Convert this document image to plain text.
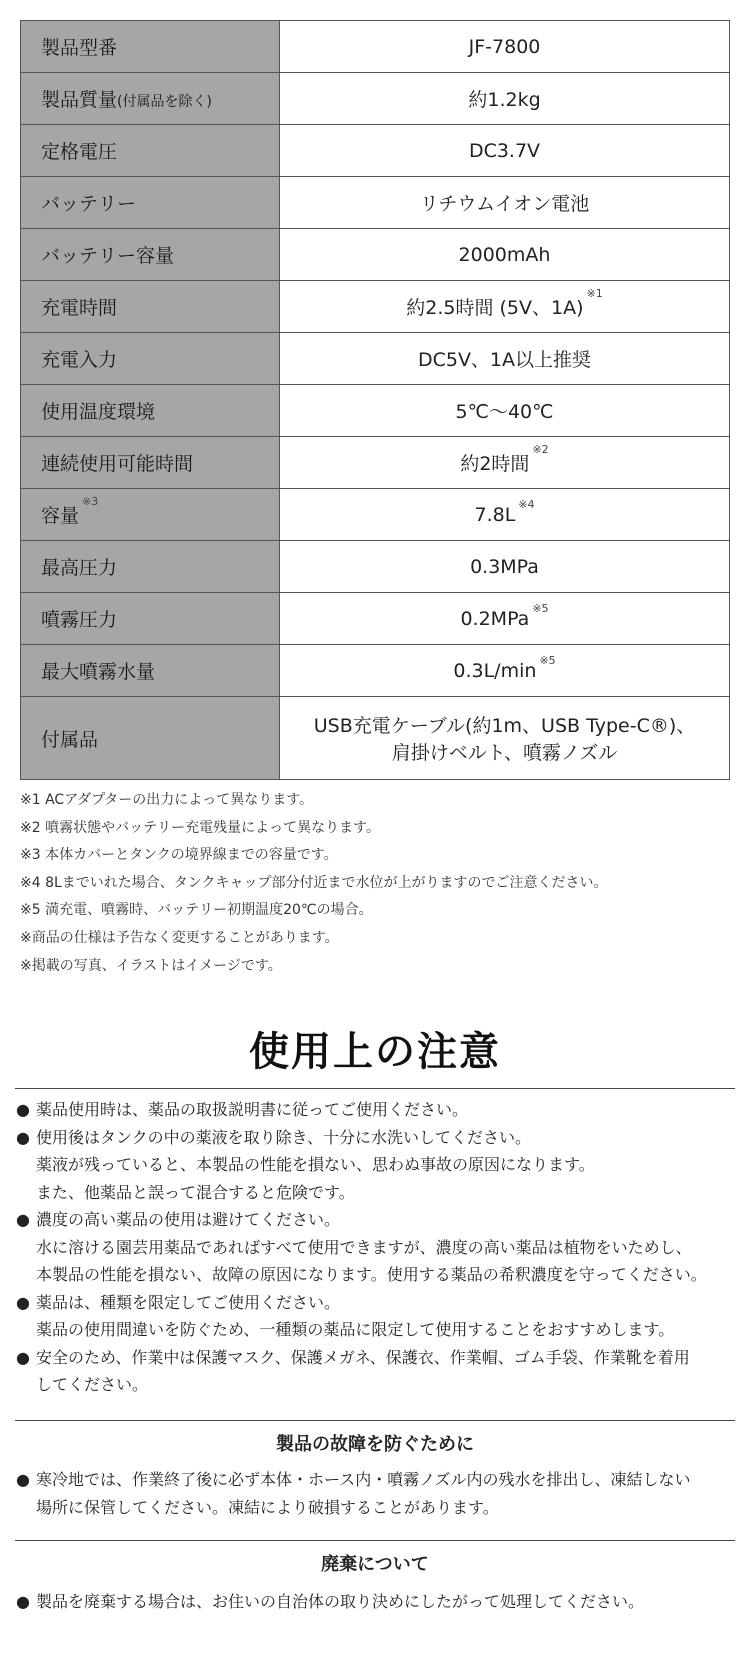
製品型番	JF-7800
製品質量(付属品を除く)	約1.2kg
定格電圧	DC3.7V
バッテリー	リチウムイオン電池
バッテリー容量	2000mAh
充電時間	約2.5時間 (5V、1A)$^{※1}$
充電入力	DC5V、1A以上推奨
使用温度環境	5℃～40℃
連続使用可能時間	約2時間$^{※2}$
容量$^{※3}$	7.8L $^{※4}$
最高圧力	0.3MPa
噴霧圧力	0.2MPa $^{※5}$
最大噴霧水量	0.3L/min $^{※5}$
付属品	USB充電ケーブル(約1m、USB Type-C®)、
肩掛けベルト、噴霧ノズル
※1 ACアダプターの出力によって異なります。
※2 噴霧状態やバッテリー充電残量によって異なります。
※3 本体カバーとタンクの境界線までの容量です。
※4 8Lまでいれた場合、タンクキャップ部分付近まで水位が上がりますのでご注意ください。
※5 満充電、噴霧時、バッテリー初期温度20℃の場合。
※商品の仕様は予告なく変更することがあります。
※掲載の写真、イラストはイメージです。
使用上の注意
● 薬品使用時は、薬品の取扱説明書に従ってご使用ください。
● 使用後はタンクの中の薬液を取り除き、十分に水洗いしてください。
薬液が残っていると、本製品の性能を損ない、思わぬ事故の原因になります。
また、他薬品と誤って混合すると危険です。
● 濃度の高い薬品の使用は避けてください。
水に溶ける園芸用薬品であればすべて使用できますが、濃度の高い薬品は植物をいためし、
本製品の性能を損ない、故障の原因になります。使用する薬品の希釈濃度を守ってください。
● 薬品は、種類を限定してご使用ください。
薬品の使用間違いを防ぐため、一種類の薬品に限定して使用することをおすすめします。
● 安全のため、作業中は保護マスク、保護メガネ、保護衣、作業帽、ゴム手袋、作業靴を着用
してください。
製品の故障を防ぐために
● 寒冷地では、作業終了後に必ず本体・ホース内・噴霧ノズル内の残水を排出し、凍結しない
場所に保管してください。凍結により破損することがあります。
廃棄について
● 製品を廃棄する場合は、お住いの自治体の取り決めにしたがって処理してください。
